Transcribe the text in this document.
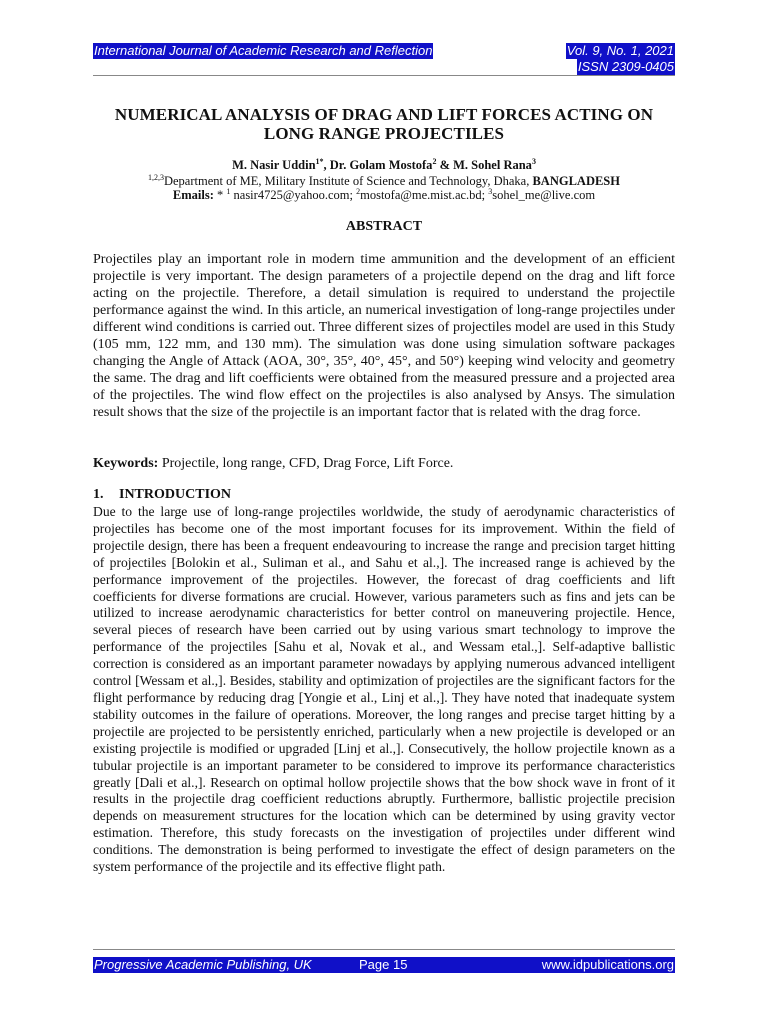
International Journal of Academic Research and Reflection	Vol. 9, No. 1, 2021
ISSN 2309-0405
NUMERICAL ANALYSIS OF DRAG AND LIFT FORCES ACTING ON LONG RANGE PROJECTILES
M. Nasir Uddin$^{1*}$, Dr. Golam Mostofa$^2$ & M. Sohel Rana$^3$
$^{1,2,3}$Department of ME, Military Institute of Science and Technology, Dhaka, BANGLADESH
Emails: * $^1$ nasir4725@yahoo.com; $^2$mostofa@me.mist.ac.bd; $^3$sohel_me@live.com
ABSTRACT

Projectiles play an important role in modern time ammunition and the development of an efficient projectile is very important. The design parameters of a projectile depend on the drag and lift force acting on the projectile. Therefore, a detail simulation is required to understand the projectile performance against the wind. In this article, an numerical investigation of long-range projectiles under different wind conditions is carried out. Three different sizes of projectiles model are used in this Study (105 mm, 122 mm, and 130 mm). The simulation was done using simulation software packages changing the Angle of Attack (AOA, 30°, 35°, 40°, 45°, and 50°) keeping wind velocity and geometry the same. The drag and lift coefficients were obtained from the measured pressure and a projected area of the projectiles. The wind flow effect on the projectiles is also analysed by Ansys. The simulation result shows that the size of the projectile is an important factor that is related with the drag force.

Keywords: Projectile, long range, CFD, Drag Force, Lift Force.

1. INTRODUCTION

Due to the large use of long-range projectiles worldwide, the study of aerodynamic characteristics of projectiles has become one of the most important focuses for its improvement. Within the field of projectile design, there has been a frequent endeavouring to increase the range and precision target hitting of projectiles [Bolokin et al., Suliman et al., and Sahu et al.,]. The increased range is achieved by the performance improvement of the projectiles. However, the forecast of drag coefficients and lift coefficients for diverse formations are crucial. However, various parameters such as fins and jets can be utilized to increase aerodynamic characteristics for better control on maneuvering projectile. Hence, several pieces of research have been carried out by using various smart technology to improve the performance of the projectiles [Sahu et al, Novak et al., and Wessam etal.,]. Self-adaptive ballistic correction is considered as an important parameter nowadays by applying numerous advanced intelligent control [Wessam et al.,]. Besides, stability and optimization of projectiles are the significant factors for the flight performance by reducing drag [Yongie et al., Linj et al.,]. They have noted that inadequate system stability outcomes in the failure of operations. Moreover, the long ranges and precise target hitting by a projectile are projected to be persistently enriched, particularly when a new projectile is developed or an existing projectile is modified or upgraded [Linj et al.,]. Consecutively, the hollow projectile known as a tubular projectile is an important parameter to be considered to improve its performance characteristics greatly [Dali et al.,]. Research on optimal hollow projectile shows that the bow shock wave in front of it results in the projectile drag coefficient reductions abruptly. Furthermore, ballistic projectile precision depends on measurement structures for the location which can be determined by using gravity vector estimation. Therefore, this study forecasts on the investigation of projectiles under different wind conditions. The demonstration is being performed to investigate the effect of design parameters on the system performance of the projectile and its effective flight path.

Progressive Academic Publishing, UK	Page 15	www.idpublications.org
